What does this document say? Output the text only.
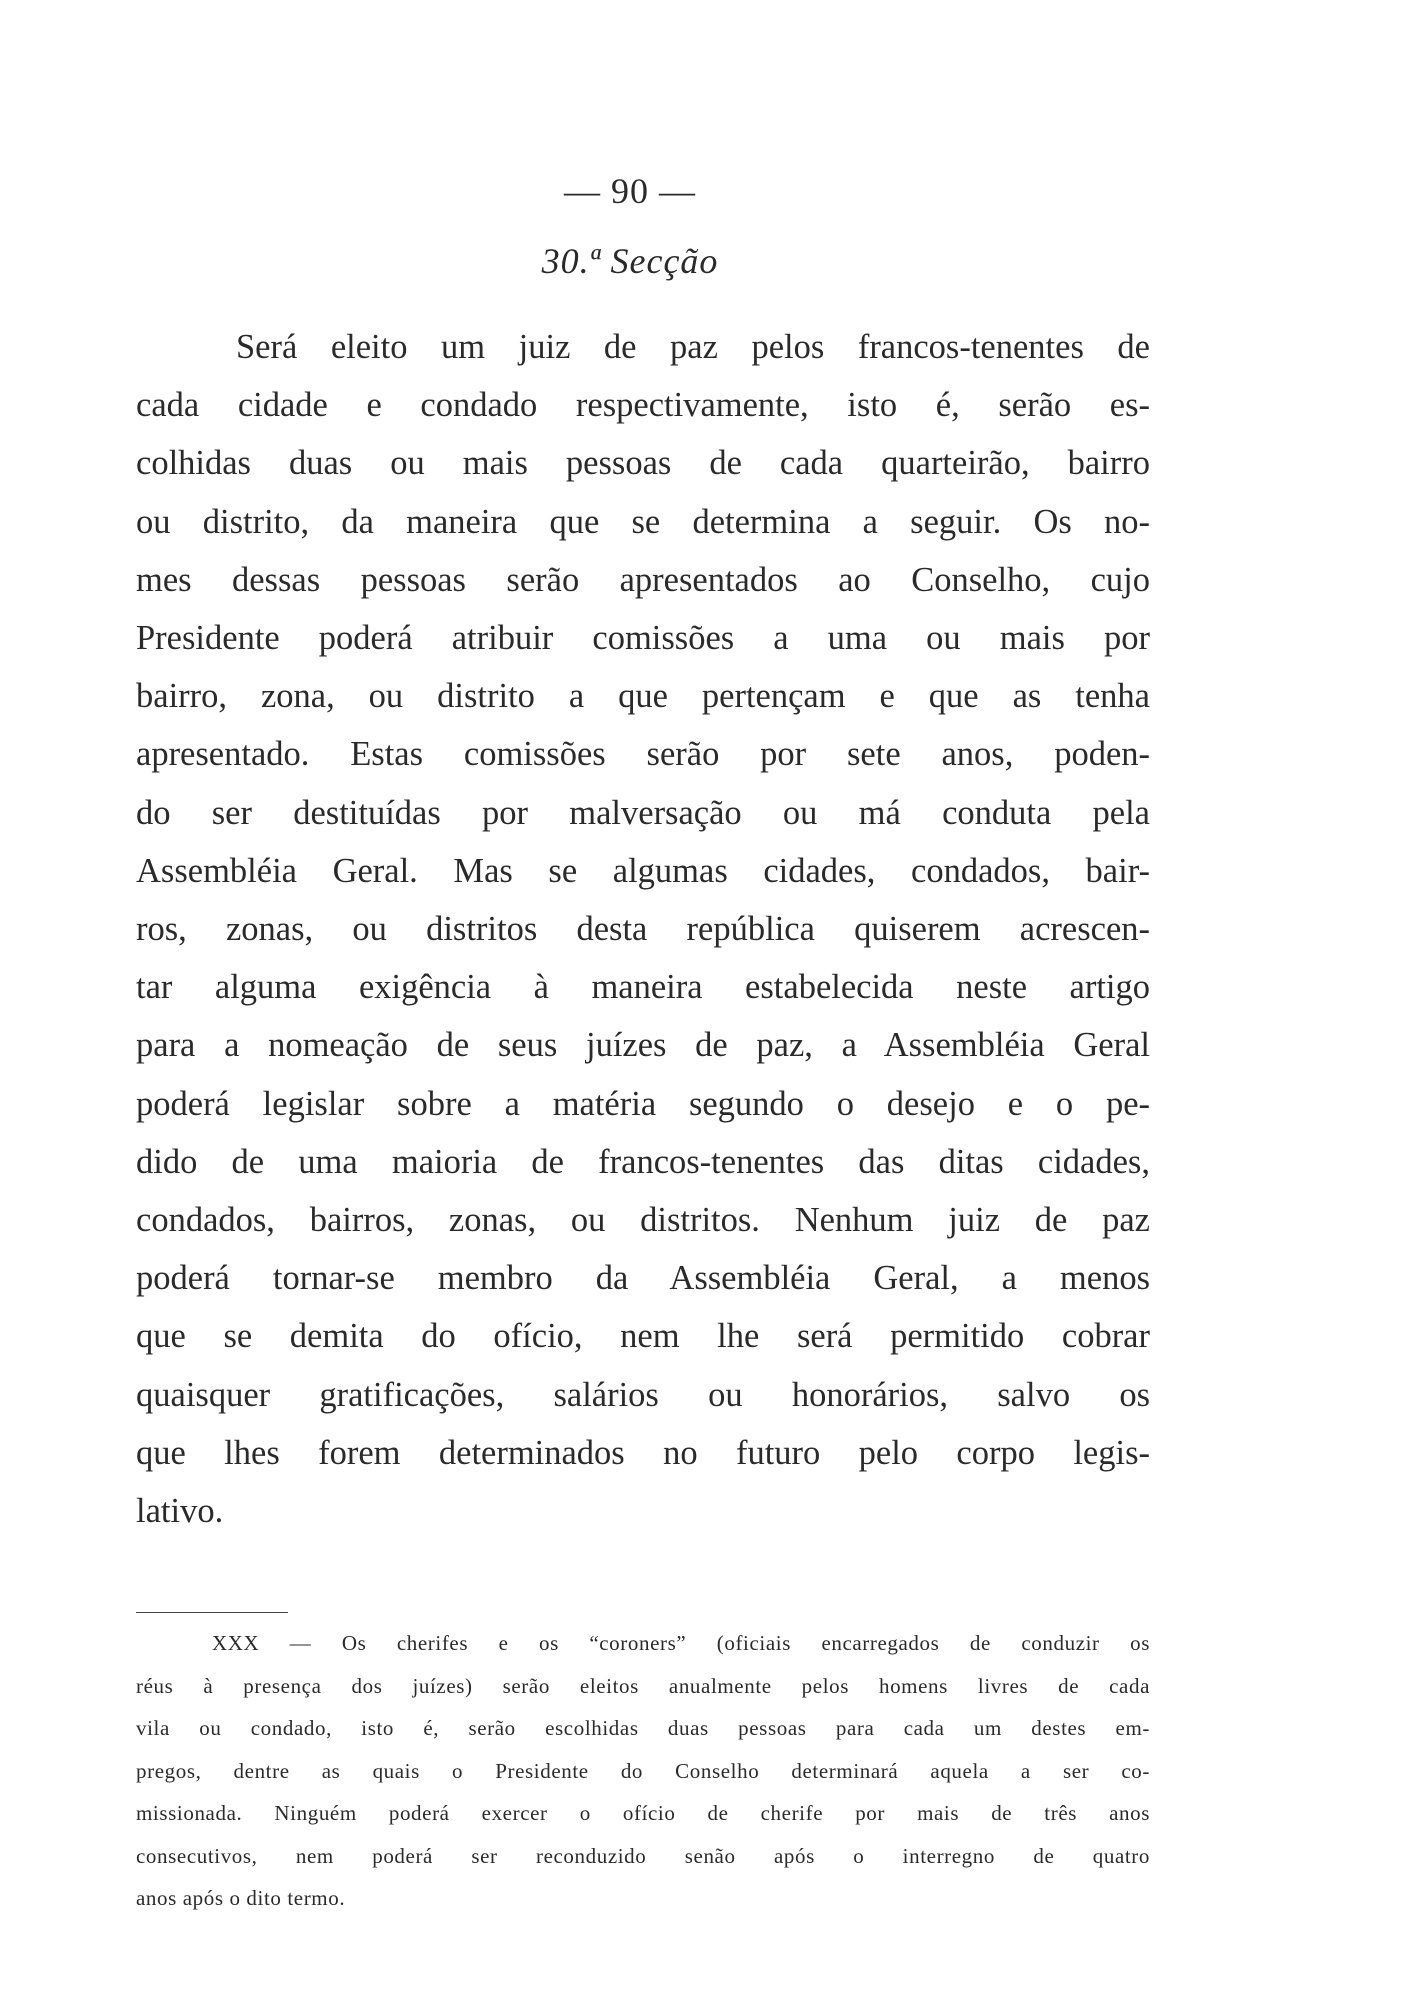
— 90 —
30.ª Secção

Será eleito um juiz de paz pelos francos-tenentes de
cada cidade e condado respectivamente, isto é, serão es-
colhidas duas ou mais pessoas de cada quarteirão, bairro
ou distrito, da maneira que se determina a seguir. Os no-
mes dessas pessoas serão apresentados ao Conselho, cujo
Presidente poderá atribuir comissões a uma ou mais por
bairro, zona, ou distrito a que pertençam e que as tenha
apresentado. Estas comissões serão por sete anos, poden-
do ser destituídas por malversação ou má conduta pela
Assembléia Geral. Mas se algumas cidades, condados, bair-
ros, zonas, ou distritos desta república quiserem acrescen-
tar alguma exigência à maneira estabelecida neste artigo
para a nomeação de seus juízes de paz, a Assembléia Geral
poderá legislar sobre a matéria segundo o desejo e o pe-
dido de uma maioria de francos-tenentes das ditas cidades,
condados, bairros, zonas, ou distritos. Nenhum juiz de paz
poderá tornar-se membro da Assembléia Geral, a menos
que se demita do ofício, nem lhe será permitido cobrar
quaisquer gratificações, salários ou honorários, salvo os
que lhes forem determinados no futuro pelo corpo legis-
lativo.

XXX — Os cherifes e os “coroners” (oficiais encarregados de conduzir os
réus à presença dos juízes) serão eleitos anualmente pelos homens livres de cada
vila ou condado, isto é, serão escolhidas duas pessoas para cada um destes em-
pregos, dentre as quais o Presidente do Conselho determinará aquela a ser co-
missionada. Ninguém poderá exercer o ofício de cherife por mais de três anos
consecutivos, nem poderá ser reconduzido senão após o interregno de quatro
anos após o dito termo.
